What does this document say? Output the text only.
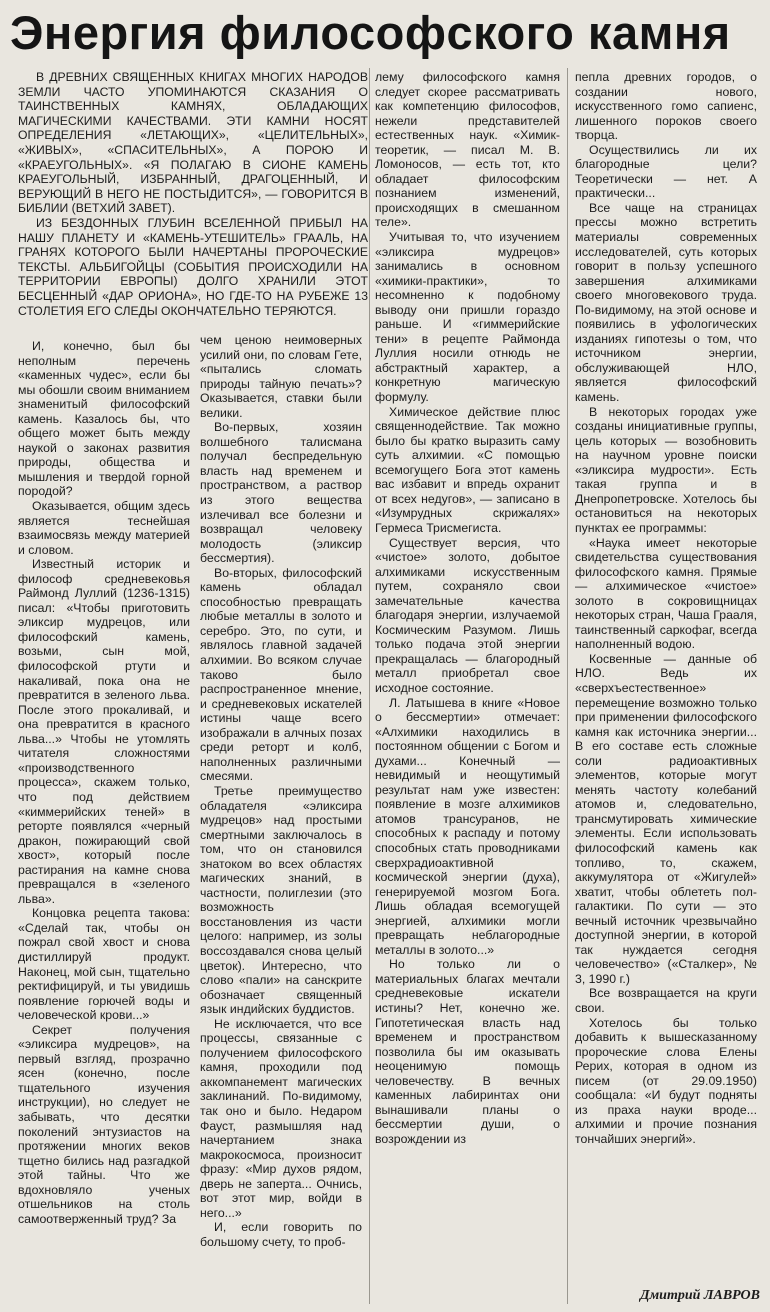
Энергия философского камня

В ДРЕВНИХ СВЯЩЕННЫХ КНИГАХ МНОГИХ НАРОДОВ ЗЕМЛИ ЧАСТО УПОМИНАЮТСЯ СКАЗАНИЯ О ТАИНСТВЕННЫХ КАМНЯХ, ОБЛАДАЮЩИХ МАГИЧЕСКИМИ КАЧЕСТВАМИ. ЭТИ КАМНИ НОСЯТ ОПРЕДЕЛЕНИЯ «ЛЕТАЮЩИХ», «ЦЕЛИТЕЛЬНЫХ», «ЖИВЫХ», «СПАСИТЕЛЬНЫХ», А ПОРОЮ И «КРАЕУГОЛЬНЫХ». «Я ПОЛАГАЮ В СИОНЕ КАМЕНЬ КРАЕУГОЛЬНЫЙ, ИЗБРАННЫЙ, ДРАГОЦЕННЫЙ, И ВЕРУЮЩИЙ В НЕГО НЕ ПОСТЫДИТСЯ», — ГОВОРИТСЯ В БИБЛИИ (ВЕТХИЙ ЗАВЕТ).

ИЗ БЕЗДОННЫХ ГЛУБИН ВСЕЛЕННОЙ ПРИБЫЛ НА НАШУ ПЛАНЕТУ И «КАМЕНЬ-УТЕШИТЕЛЬ» ГРААЛЬ, НА ГРАНЯХ КОТОРОГО БЫЛИ НАЧЕРТАНЫ ПРОРОЧЕСКИЕ ТЕКСТЫ. АЛЬБИГОЙЦЫ (СОБЫТИЯ ПРОИСХОДИЛИ НА ТЕРРИТОРИИ ЕВРОПЫ) ДОЛГО ХРАНИЛИ ЭТОТ БЕСЦЕННЫЙ «ДАР ОРИОНА», НО ГДЕ-ТО НА РУБЕЖЕ 13 СТОЛЕТИЯ ЕГО СЛЕДЫ ОКОНЧАТЕЛЬНО ТЕРЯЮТСЯ.

И, конечно, был бы неполным перечень «каменных чудес», если бы мы обошли своим вниманием знаменитый философский камень. Казалось бы, что общего может быть между наукой о законах развития природы, общества и мышления и твердой горной породой?

Оказывается, общим здесь является теснейшая взаимосвязь между материей и словом.

Известный историк и философ средневековья Раймонд Луллий (1236-1315) писал: «Чтобы приготовить эликсир мудрецов, или философский камень, возьми, сын мой, философской ртути и накаливай, пока она не превратится в зеленого льва. После этого прокаливай, и она превратится в красного льва...» Чтобы не утомлять читателя сложностями «производственного процесса», скажем только, что под действием «киммерийских теней» в реторте появлялся «черный дракон, пожирающий свой хвост», который после растирания на камне снова превращался в «зеленого льва».

Концовка рецепта такова: «Сделай так, чтобы он пожрал свой хвост и снова дистиллируй продукт. Наконец, мой сын, тщательно ректифицируй, и ты увидишь появление горючей воды и человеческой крови...»

Секрет получения «эликсира мудрецов», на первый взгляд, прозрачно ясен (конечно, после тщательного изучения инструкции), но следует не забывать, что десятки поколений энтузиастов на протяжении многих веков тщетно бились над разгадкой этой тайны. Что же вдохновляло ученых отшельников на столь самоотверженный труд? За

чем ценою неимоверных усилий они, по словам Гете, «пытались сломать природы тайную печать»? Оказывается, ставки были велики.

Во-первых, хозяин волшебного талисмана получал беспредельную власть над временем и пространством, а раствор из этого вещества излечивал все болезни и возвращал человеку молодость (эликсир бессмертия).

Во-вторых, философский камень обладал способностью превращать любые металлы в золото и серебро. Это, по сути, и являлось главной задачей алхимии. Во всяком случае таково было распространенное мнение, и средневековых искателей истины чаще всего изображали в алчных позах среди реторт и колб, наполненных различными смесями.

Третье преимущество обладателя «эликсира мудрецов» над простыми смертными заключалось в том, что он становился знатоком во всех областях магических знаний, в частности, полиглезии (это возможность восстановления из части целого: например, из золы воссоздавался снова целый цветок). Интересно, что слово «пали» на санскрите обозначает священный язык индийских буддистов.

Не исключается, что все процессы, связанные с получением философского камня, проходили под аккомпанемент магических заклинаний. По-видимому, так оно и было. Недаром Фауст, размышляя над начертанием знака макрокосмоса, произносит фразу: «Мир духов рядом, дверь не заперта... Очнись, вот этот мир, войди в него...»

И, если говорить по большому счету, то проб-

лему философского камня следует скорее рассматривать как компетенцию философов, нежели представителей естественных наук. «Химик-теоретик, — писал М. В. Ломоносов, — есть тот, кто обладает философским познанием изменений, происходящих в смешанном теле».

Учитывая то, что изучением «эликсира мудрецов» занимались в основном «химики-практики», то несомненно к подобному выводу они пришли гораздо раньше. И «гиммерийские тени» в рецепте Раймонда Луллия носили отнюдь не абстрактный характер, а конкретную магическую формулу.

Химическое действие плюс священнодействие. Так можно было бы кратко выразить саму суть алхимии. «С помощью всемогущего Бога этот камень вас избавит и впредь охранит от всех недугов», — записано в «Изумрудных скрижалях» Гермеса Трисмегиста.

Существует версия, что «чистое» золото, добытое алхимиками искусственным путем, сохраняло свои замечательные качества благодаря энергии, излучаемой Космическим Разумом. Лишь только подача этой энергии прекращалась — благородный металл приобретал свое исходное состояние.

Л. Латышева в книге «Новое о бессмертии» отмечает: «Алхимики находились в постоянном общении с Богом и духами... Конечный — невидимый и неощутимый результат нам уже известен: появление в мозге алхимиков атомов трансуранов, не способных к распаду и потому способных стать проводниками сверхрадиоактивной космической энергии (духа), генерируемой мозгом Бога. Лишь обладая всемогущей энергией, алхимики могли превращать неблагородные металлы в золото...»

Но только ли о материальных благах мечтали средневековые искатели истины? Нет, конечно же. Гипотетическая власть над временем и пространством позволила бы им оказывать неоценимую помощь человечеству. В вечных каменных лабиринтах они вынашивали планы о бессмертии души, о возрождении из

пепла древних городов, о создании нового, искусственного гомо сапиенс, лишенного пороков своего творца.

Осуществились ли их благородные цели? Теоретически — нет. А практически...

Все чаще на страницах прессы можно встретить материалы современных исследователей, суть которых говорит в пользу успешного завершения алхимиками своего многовекового труда. По-видимому, на этой основе и появились в уфологических изданиях гипотезы о том, что источником энергии, обслуживающей НЛО, является философский камень.

В некоторых городах уже созданы инициативные группы, цель которых — возобновить на научном уровне поиски «эликсира мудрости». Есть такая группа и в Днепропетровске. Хотелось бы остановиться на некоторых пунктах ее программы:

«Наука имеет некоторые свидетельства существования философского камня. Прямые — алхимическое «чистое» золото в сокровищницах некоторых стран, Чаша Грааля, таинственный саркофаг, всегда наполненный водою.

Косвенные — данные об НЛО. Ведь их «сверхъестественное» перемещение возможно только при применении философского камня как источника энергии... В его составе есть сложные соли радиоактивных элементов, которые могут менять частоту колебаний атомов и, следовательно, трансмутировать химические элементы. Если использовать философский камень как топливо, то, скажем, аккумулятора от «Жигулей» хватит, чтобы облететь пол-галактики. По сути — это вечный источник чрезвычайно доступной энергии, в которой так нуждается сегодня человечество» («Сталкер», № 3, 1990 г.)

Все возвращается на круги свои.

Хотелось бы только добавить к вышесказанному пророческие слова Елены Рерих, которая в одном из писем (от 29.09.1950) сообщала: «И будут подняты из праха науки вроде... алхимии и прочие познания тончайших энергий».

Дмитрий ЛАВРОВ
